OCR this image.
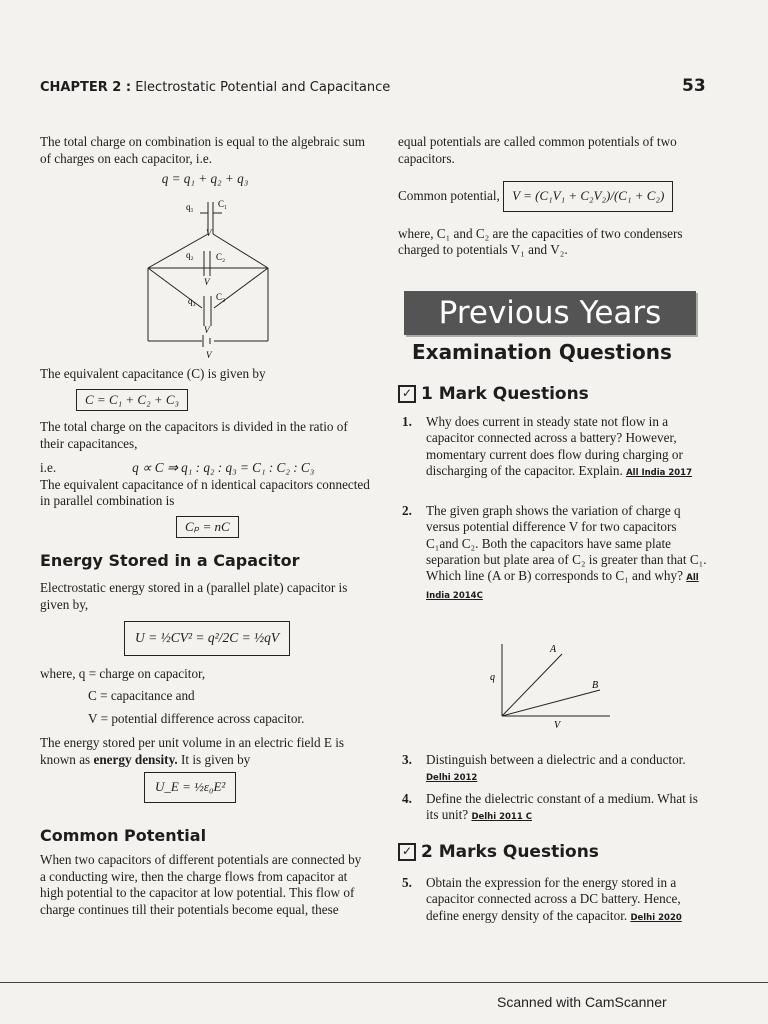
CHAPTER 2 : Electrostatic Potential and Capacitance	53

The total charge on combination is equal to the algebraic sum of charges on each capacitor, i.e.

q = q₁ + q₂ + q₃

q₁	C₁
V
q₂ C₂
V
q₃ C₃
V
V

The equivalent capacitance (C) is given by

C = C₁ + C₂ + C₃

The total charge on the capacitors is divided in the ratio of their capacitances,

i.e.	q ∝ C ⇒ q₁ : q₂ : q₃ = C₁ : C₂ : C₃

The equivalent capacitance of n identical capacitors connected in parallel combination is

Cₚ = nC
Energy Stored in a Capacitor

Electrostatic energy stored in a (parallel plate) capacitor is given by,

U = ½CV² = q²/2C = ½qV

where, q = charge on capacitor,

C = capacitance and

V = potential difference across capacitor.

The energy stored per unit volume in an electric field E is known as energy density. It is given by

U_E = ½ε₀E²
Common Potential

When two capacitors of different potentials are connected by a conducting wire, then the charge flows from capacitor at high potential to the capacitor at low potential. This flow of charge continues till their potentials become equal, these

equal potentials are called common potentials of two capacitors.

Common potential, V = (C₁V₁ + C₂V₂)/(C₁ + C₂)

where, C₁ and C₂ are the capacities of two condensers charged to potentials V₁ and V₂.

Previous Years
Examination Questions
✓ 1 Mark Questions
1. Why does current in steady state not flow in a capacitor connected across a battery? However, momentary current does flow during charging or discharging of the capacitor. Explain. All India 2017

2. The given graph shows the variation of charge q versus potential difference V for two capacitors C₁and C₂. Both the capacitors have same plate separation but plate area of C₂ is greater than that C₁. Which line (A or B) corresponds to C₁ and why? All India 2014C

q
V
A
B
3. Distinguish between a dielectric and a conductor. Delhi 2012

4. Define the dielectric constant of a medium. What is its unit? Delhi 2011 C

✓ 2 Marks Questions
5. Obtain the expression for the energy stored in a capacitor connected across a DC battery. Hence, define energy density of the capacitor. Delhi 2020

Scanned with CamScanner
